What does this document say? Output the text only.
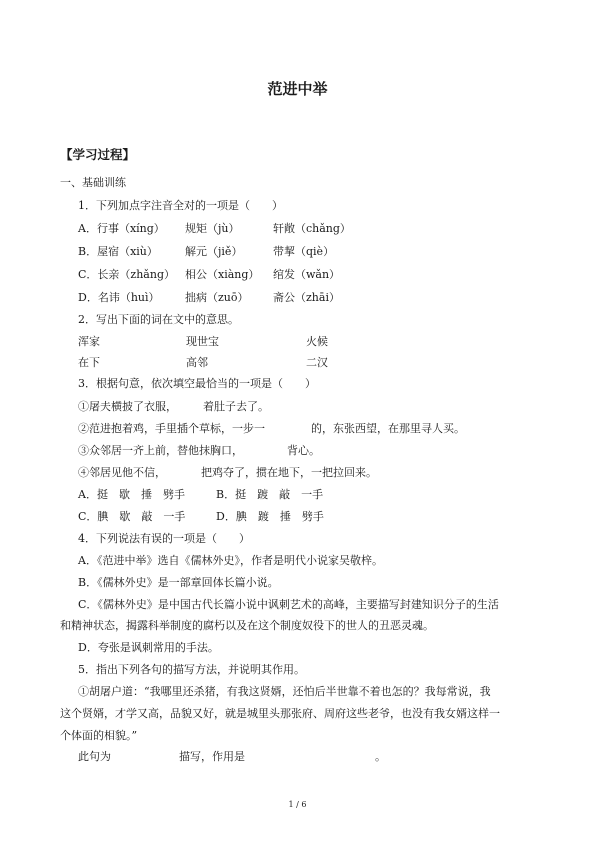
范进中举
【学习过程】
一、基础训练
1．下列加点字注音全对的一项是（　　）
A．行事（xíng） 规矩（jù）	轩敞（chǎng）
B．屋宿（xiù） 解元（jiě）	带挈（qiè）
C．长亲（zhǎng） 相公（xiàng） 绾发（wǎn）
D．名讳（huì） 拙病（zuō） 斋公（zhāi）
2．写出下面的词在文中的意思。
浑家	现世宝	火候
在下	高邻	二汉
3．根据句意，依次填空最恰当的一项是（　　）
①屠夫横披了衣服， 着肚子去了。
②范进抱着鸡，手里插个草标，一步一	的，东张西望，在那里寻人买。
③众邻居一齐上前，替他抹胸口，	背心。
④邻居见他不信，	把鸡夺了，掼在地下，一把拉回来。
A．挺　歇　捶　劈手	B．挺　踱　敲　一手
C．腆　歇　敲　一手	D．腆　踱　捶　劈手
4．下列说法有误的一项是（　　）
A．《范进中举》选自《儒林外史》，作者是明代小说家吴敬梓。
B．《儒林外史》是一部章回体长篇小说。
C．《儒林外史》是中国古代长篇小说中讽刺艺术的高峰，主要描写封建知识分子的生活
和精神状态，揭露科举制度的腐朽以及在这个制度奴役下的世人的丑恶灵魂。
D．夸张是讽刺常用的手法。
5．指出下列各句的描写方法，并说明其作用。
①胡屠户道：“我哪里还杀猪，有我这贤婿，还怕后半世靠不着也怎的？我每常说，我
这个贤婿，才学又高，品貌又好，就是城里头那张府、周府这些老爷，也没有我女婿这样一
个体面的相貌。”
此句为	描写，作用是	。
1 / 6
